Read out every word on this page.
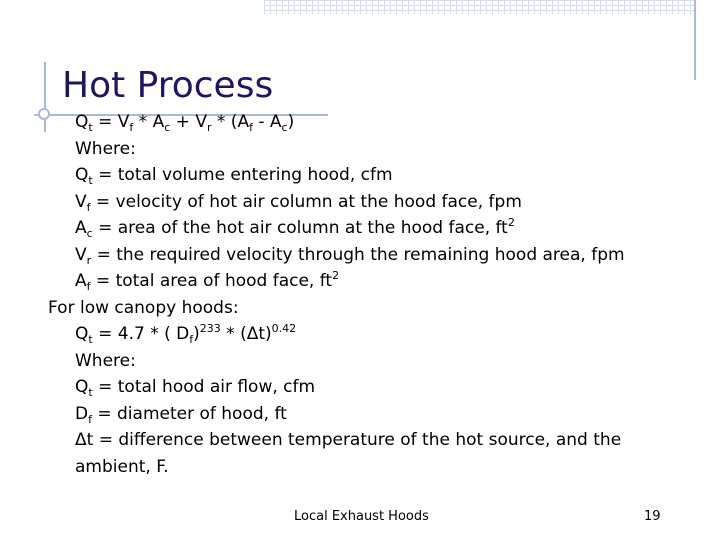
Hot Process
$Q_t = V_f * A_c + V_r * (A_f - A_c)$
Where:
$Q_t$ = total volume entering hood, cfm
$V_f$ = velocity of hot air column at the hood face, fpm
$A_c$ = area of the hot air column at the hood face, $ft^2$
$V_r$ = the required velocity through the remaining hood area, fpm
$A_f$ = total area of hood face, $ft^2$
For low canopy hoods:
$Q_t = 4.7$ * ( $D_f)^{233} * (\Delta t)^{0.42}$
Where:
$Q_t$ = total hood air flow, cfm
$D_f$ = diameter of hood, ft
Δt = difference between temperature of the hot source, and the
ambient, F.
Local Exhaust Hoods	19
